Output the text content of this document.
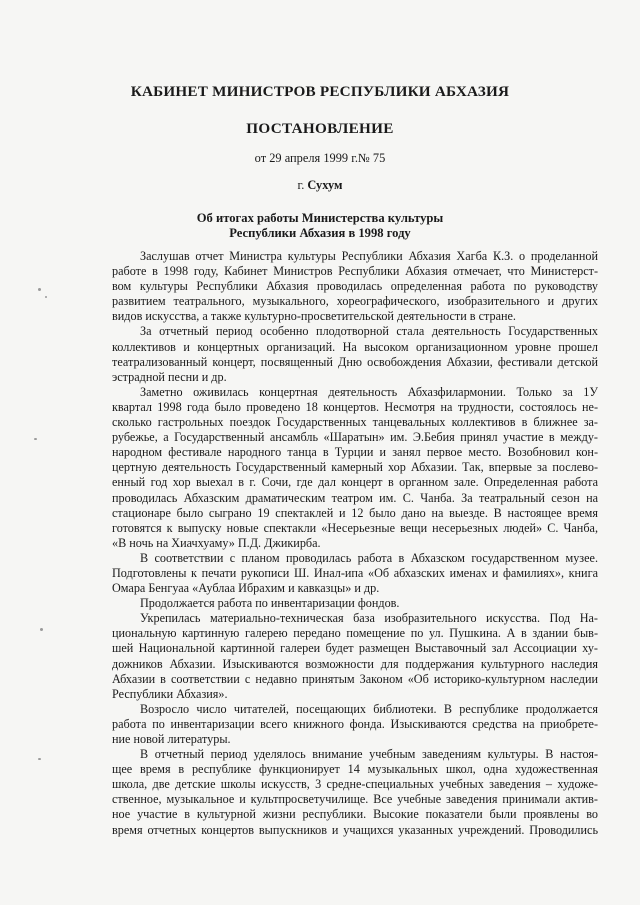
КАБИНЕТ МИНИСТРОВ РЕСПУБЛИКИ АБХАЗИЯ
ПОСТАНОВЛЕНИЕ
от 29 апреля 1999 г.№ 75
г. Сухум
Об итогах работы Министерства культуры
Республики Абхазия в 1998 году
Заслушав отчет Министра культуры Республики Абхазия Хагба К.З. о проделанной
работе в 1998 году, Кабинет Министров Республики Абхазия отмечает, что Министерст-
вом культуры Республики Абхазия проводилась определенная работа по руководству
развитием театрального, музыкального, хореографического, изобразительного и других
видов искусства, а также культурно-просветительской деятельности в стране.
За отчетный период особенно плодотворной стала деятельность Государственных
коллективов и концертных организаций. На высоком организационном уровне прошел
театрализованный концерт, посвященный Дню освобождения Абхазии, фестивали детской
эстрадной песни и др.
Заметно оживилась концертная деятельность Абхазфилармонии. Только за 1У
квартал 1998 года было проведено 18 концертов. Несмотря на трудности, состоялось не-
сколько гастрольных поездок Государственных танцевальных коллективов в ближнее за-
рубежье, а Государственный ансамбль «Шаратын» им. Э.Бебия принял участие в между-
народном фестивале народного танца в Турции и занял первое место. Возобновил кон-
цертную деятельность Государственный камерный хор Абхазии. Так, впервые за послево-
енный год хор выехал в г. Сочи, где дал концерт в органном зале. Определенная работа
проводилась Абхазским драматическим театром им. С. Чанба. За театральный сезон на
стационаре было сыграно 19 спектаклей и 12 было дано на выезде. В настоящее время
готовятся к выпуску новые спектакли «Несерьезные вещи несерьезных людей» С. Чанба,
«В ночь на Хиачхуаму» П.Д. Джикирба.
В соответствии с планом проводилась работа в Абхазском государственном музее.
Подготовлены к печати рукописи Ш. Инал-ипа «Об абхазских именах и фамилиях», книга
Омара Бенгуаа «Аублаа Ибрахим и кавказцы» и др.
Продолжается работа по инвентаризации фондов.
Укрепилась материально-техническая база изобразительного искусства. Под На-
циональную картинную галерею передано помещение по ул. Пушкина. А в здании быв-
шей Национальной картинной галереи будет размещен Выставочный зал Ассоциации ху-
дожников Абхазии. Изыскиваются возможности для поддержания культурного наследия
Абхазии в соответствии с недавно принятым Законом «Об историко-культурном наследии
Республики Абхазия».
Возросло число читателей, посещающих библиотеки. В республике продолжается
работа по инвентаризации всего книжного фонда. Изыскиваются средства на приобрете-
ние новой литературы.
В отчетный период уделялось внимание учебным заведениям культуры. В настоя-
щее время в республике функционирует 14 музыкальных школ, одна художественная
школа, две детские школы искусств, 3 средне-специальных учебных заведения – художе-
ственное, музыкальное и культпросветучилище. Все учебные заведения принимали актив-
ное участие в культурной жизни республики. Высокие показатели были проявлены во
время отчетных концертов выпускников и учащихся указанных учреждений. Проводились
